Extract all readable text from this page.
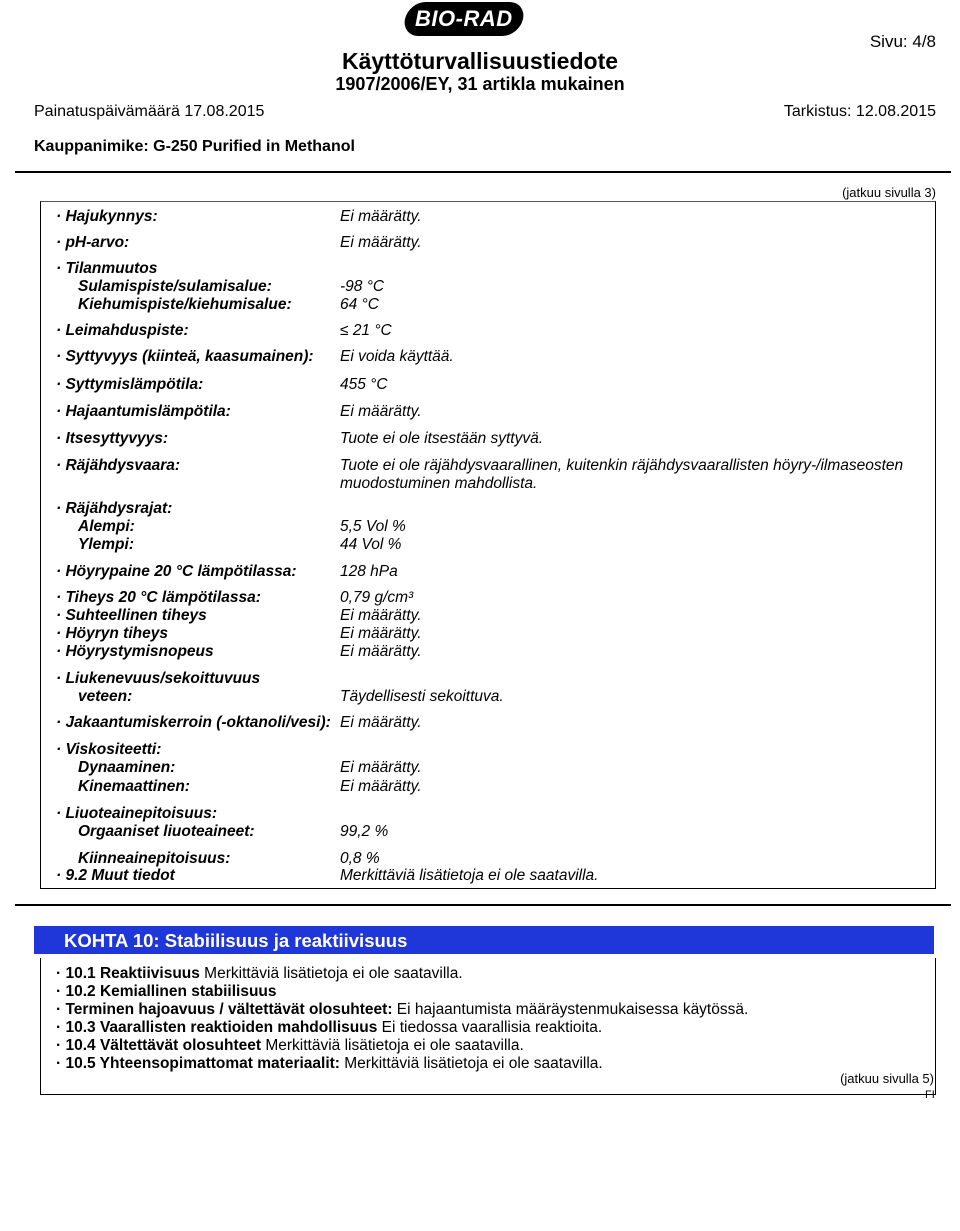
BIO-RAD
Käyttöturvallisuustiedote
1907/2006/EY, 31 artikla mukainen
Sivu: 4/8
Painatuspäivämäärä 17.08.2015	Tarkistus: 12.08.2015
Kauppanimike: G-250 Purified in Methanol
(jatkuu sivulla 3)
· Hajukynnys:	Ei määrätty.
· pH-arvo:	Ei määrätty.
· Tilanmuutos
Sulamispiste/sulamisalue:	-98 °C
Kiehumispiste/kiehumisalue:	64 °C
· Leimahduspiste:	≤ 21 °C
· Syttyvyys (kiinteä, kaasumainen): Ei voida käyttää.
· Syttymislämpötila:	455 °C
· Hajaantumislämpötila:	Ei määrätty.
· Itsesyttyvyys:	Tuote ei ole itsestään syttyvä.
· Räjähdysvaara:	Tuote ei ole räjähdysvaarallinen, kuitenkin räjähdysvaarallisten höyry-/ilmaseosten
muodostuminen mahdollista.
· Räjähdysrajat:
Alempi:	5,5 Vol %
Ylempi:	44 Vol %
· Höyrypaine 20 °C lämpötilassa:	128 hPa
· Tiheys 20 °C lämpötilassa:	0,79 g/cm³
· Suhteellinen tiheys	Ei määrätty.
· Höyryn tiheys	Ei määrätty.
· Höyrystymisnopeus	Ei määrätty.
· Liukenevuus/sekoittuvuus
veteen:	Täydellisesti sekoittuva.
· Jakaantumiskerroin (-oktanoli/vesi): Ei määrätty.
· Viskositeetti:
Dynaaminen:	Ei määrätty.
Kinemaattinen:	Ei määrätty.
· Liuoteainepitoisuus:
Orgaaniset liuoteaineet:	99,2 %
Kiinneainepitoisuus:	0,8 %
· 9.2 Muut tiedot	Merkittäviä lisätietoja ei ole saatavilla.
KOHTA 10: Stabiilisuus ja reaktiivisuus
· 10.1 Reaktiivisuus Merkittäviä lisätietoja ei ole saatavilla.
· 10.2 Kemiallinen stabiilisuus
· Terminen hajoavuus / vältettävät olosuhteet: Ei hajaantumista määräystenmukaisessa käytössä.
· 10.3 Vaarallisten reaktioiden mahdollisuus Ei tiedossa vaarallisia reaktioita.
· 10.4 Vältettävät olosuhteet Merkittäviä lisätietoja ei ole saatavilla.
· 10.5 Yhteensopimattomat materiaalit: Merkittäviä lisätietoja ei ole saatavilla.
(jatkuu sivulla 5)
FI
